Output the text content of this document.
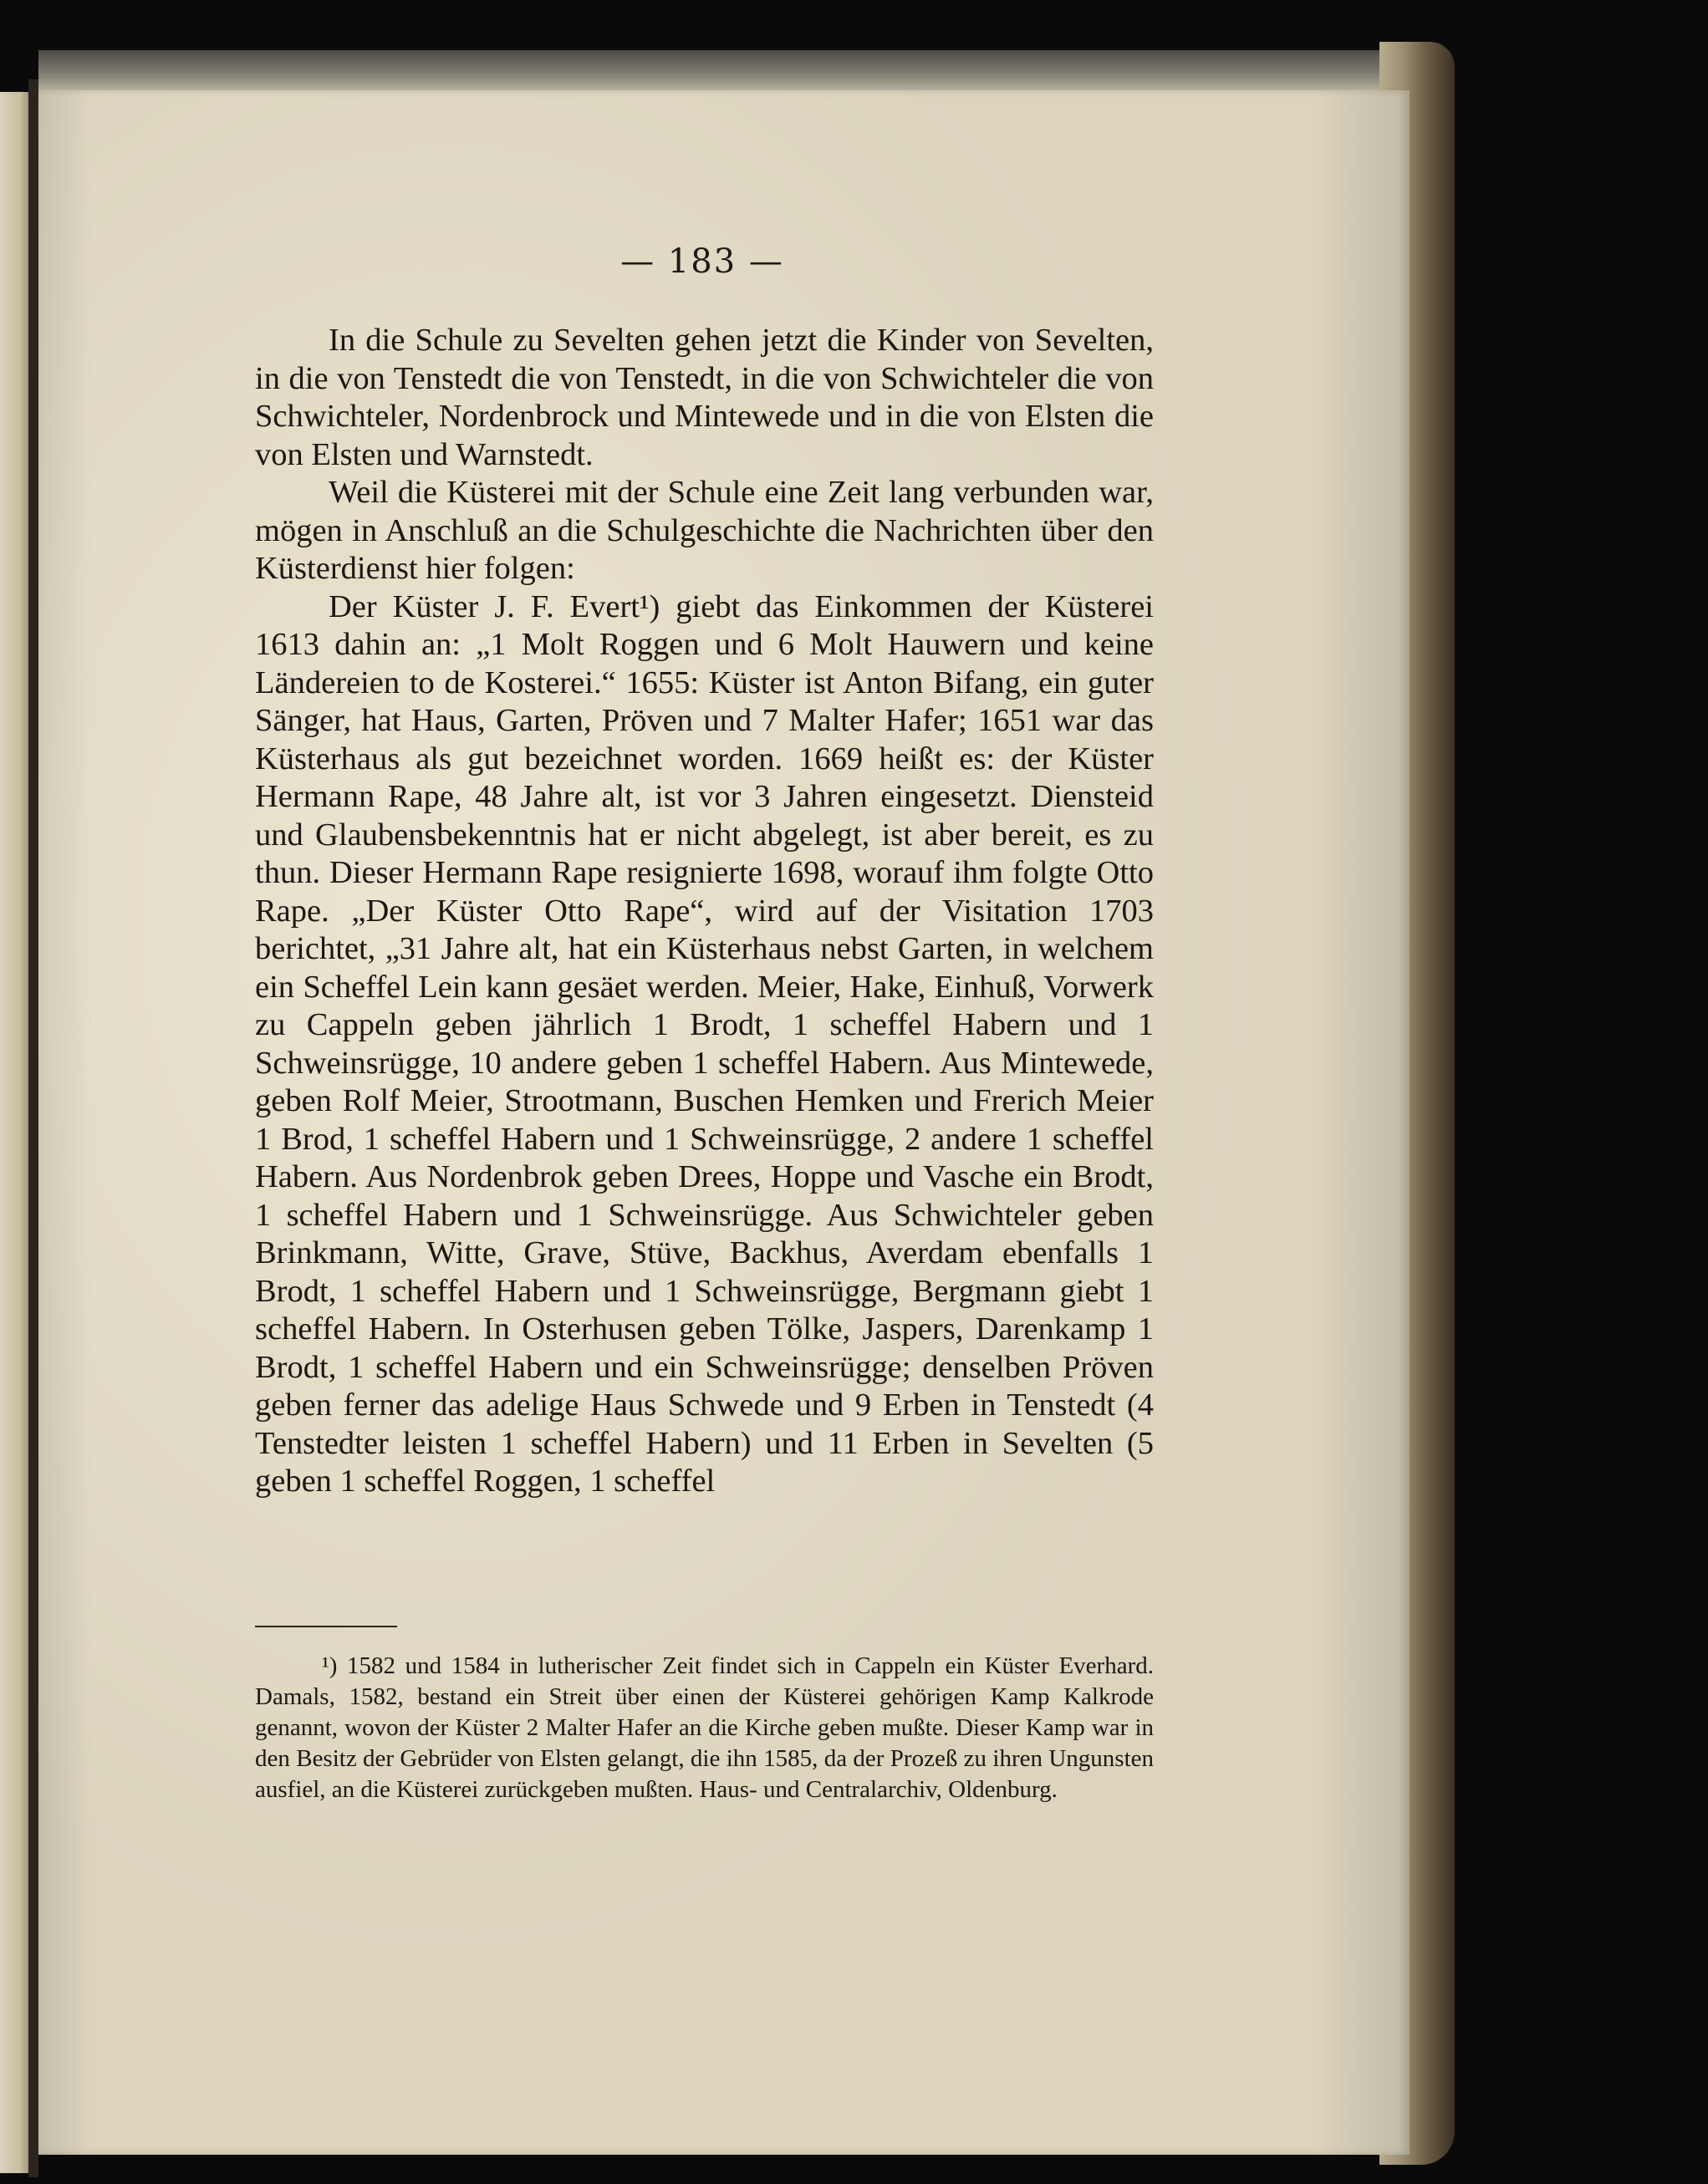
— 183 —

In die Schule zu Sevelten gehen jetzt die Kinder von Sevelten, in die von Tenstedt die von Tenstedt, in die von Schwichteler die von Schwichteler, Nordenbrock und Mintewede und in die von Elsten die von Elsten und Warnstedt.

Weil die Küsterei mit der Schule eine Zeit lang verbunden war, mögen in Anschluß an die Schulgeschichte die Nachrichten über den Küsterdienst hier folgen:

Der Küster J. F. Evert¹) giebt das Einkommen der Küsterei 1613 dahin an: „1 Molt Roggen und 6 Molt Hauwern und keine Ländereien to de Kosterei.“ 1655: Küster ist Anton Bifang, ein guter Sänger, hat Haus, Garten, Pröven und 7 Malter Hafer; 1651 war das Küsterhaus als gut bezeichnet worden. 1669 heißt es: der Küster Hermann Rape, 48 Jahre alt, ist vor 3 Jahren eingesetzt. Diensteid und Glaubensbekenntnis hat er nicht abgelegt, ist aber bereit, es zu thun. Dieser Hermann Rape resignierte 1698, worauf ihm folgte Otto Rape. „Der Küster Otto Rape“, wird auf der Visitation 1703 berichtet, „31 Jahre alt, hat ein Küsterhaus nebst Garten, in welchem ein Scheffel Lein kann gesäet werden. Meier, Hake, Einhuß, Vorwerk zu Cappeln geben jährlich 1 Brodt, 1 scheffel Habern und 1 Schweinsrügge, 10 andere geben 1 scheffel Habern. Aus Mintewede, geben Rolf Meier, Strootmann, Buschen Hemken und Frerich Meier 1 Brod, 1 scheffel Habern und 1 Schweinsrügge, 2 andere 1 scheffel Habern. Aus Nordenbrok geben Drees, Hoppe und Vasche ein Brodt, 1 scheffel Habern und 1 Schweinsrügge. Aus Schwichteler geben Brinkmann, Witte, Grave, Stüve, Backhus, Averdam ebenfalls 1 Brodt, 1 scheffel Habern und 1 Schweinsrügge, Bergmann giebt 1 scheffel Habern. In Osterhusen geben Tölke, Jaspers, Darenkamp 1 Brodt, 1 scheffel Habern und ein Schweinsrügge; denselben Pröven geben ferner das adelige Haus Schwede und 9 Erben in Tenstedt (4 Tenstedter leisten 1 scheffel Habern) und 11 Erben in Sevelten (5 geben 1 scheffel Roggen, 1 scheffel

¹) 1582 und 1584 in lutherischer Zeit findet sich in Cappeln ein Küster Everhard. Damals, 1582, bestand ein Streit über einen der Küsterei gehörigen Kamp Kalkrode genannt, wovon der Küster 2 Malter Hafer an die Kirche geben mußte. Dieser Kamp war in den Besitz der Gebrüder von Elsten gelangt, die ihn 1585, da der Prozeß zu ihren Ungunsten ausfiel, an die Küsterei zurückgeben mußten. Haus- und Centralarchiv, Oldenburg.
